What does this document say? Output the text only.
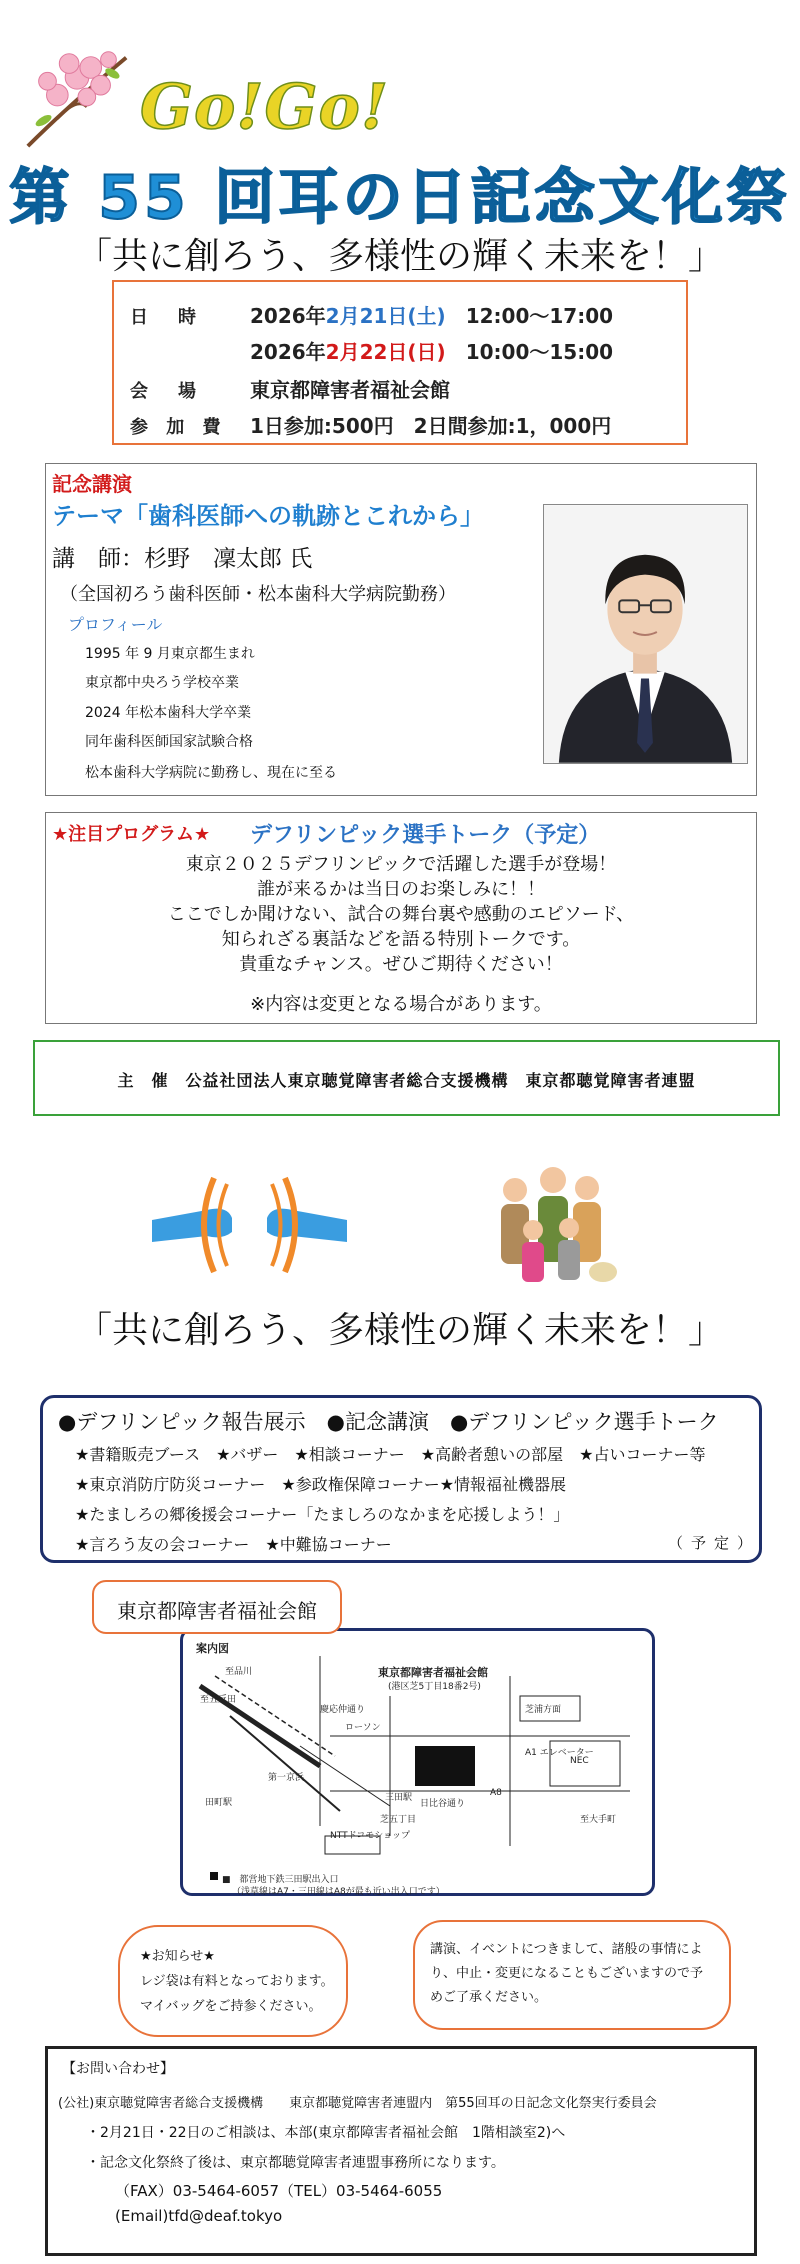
Go!Go!
第 55 回耳の日記念文化祭
「共に創ろう、多様性の輝く未来を！」
日　時 2026年2月21日(土)　 12:00～17:00
2026年2月22日(日)　 10:00～15:00
会　場 東京都障害者福祉会館
参 加 費 1日参加:500円　2日間参加:1，000円
記念講演
テーマ「歯科医師への軌跡とこれから」
講　師：杉野　凜太郎 氏
（全国初ろう歯科医師・松本歯科大学病院勤務）
プロフィール
1995 年 9 月東京都生まれ
東京都中央ろう学校卒業
2024 年松本歯科大学卒業
同年歯科医師国家試験合格
松本歯科大学病院に勤務し、現在に至る
★注目プログラム★ デフリンピック選手トーク（予定）
東京２０２５デフリンピックで活躍した選手が登場！
誰が来るかは当日のお楽しみに！！
ここでしか聞けない、試合の舞台裏や感動のエピソード、
知られざる裏話などを語る特別トークです。
貴重なチャンス。ぜひご期待ください！
※内容は変更となる場合があります。
主　催　公益社団法人東京聴覚障害者総合支援機構　東京都聴覚障害者連盟
「共に創ろう、多様性の輝く未来を！」
●デフリンピック報告展示　●記念講演　●デフリンピック選手トーク
★書籍販売ブース　★バザー　★相談コーナー　★高齢者憩いの部屋　★占いコーナー等
★東京消防庁防災コーナー　★参政権保障コーナー★情報福祉機器展
★たましろの郷後援会コーナー「たましろのなかまを応援しよう！」
★言ろう友の会コーナー　★中難協コーナー	（予定）
東京都障害者福祉会館
案内図
東京都障害者福祉会館
(港区芝5丁目18番2号)
田町駅	三田駅
第一京浜
日比谷通り
NEC
芝浦方面
A8
A1 エレベーター
慶応仲通り
ローソン
至大手町
至品川
至五反田
芝五丁目
NTTドコモショップ
■　都営地下鉄三田駅出入口
（浅草線はA7・三田線はA8が最も近い出入口です）
★お知らせ★
レジ袋は有料となっております。
マイバッグをご持参ください。
講演、イベントにつきまして、諸般の事情によ
り、中止・変更になることもございますので予
めご了承ください。
【お問い合わせ】
(公社)東京聴覚障害者総合支援機構　　東京都聴覚障害者連盟内　第55回耳の日記念文化祭実行委員会
・2月21日・22日のご相談は、本部(東京都障害者福祉会館　1階相談室2)へ
・記念文化祭終了後は、東京都聴覚障害者連盟事務所になります。
（FAX）03-5464-6057（TEL）03-5464-6055
(Email)tfd@deaf.tokyo
